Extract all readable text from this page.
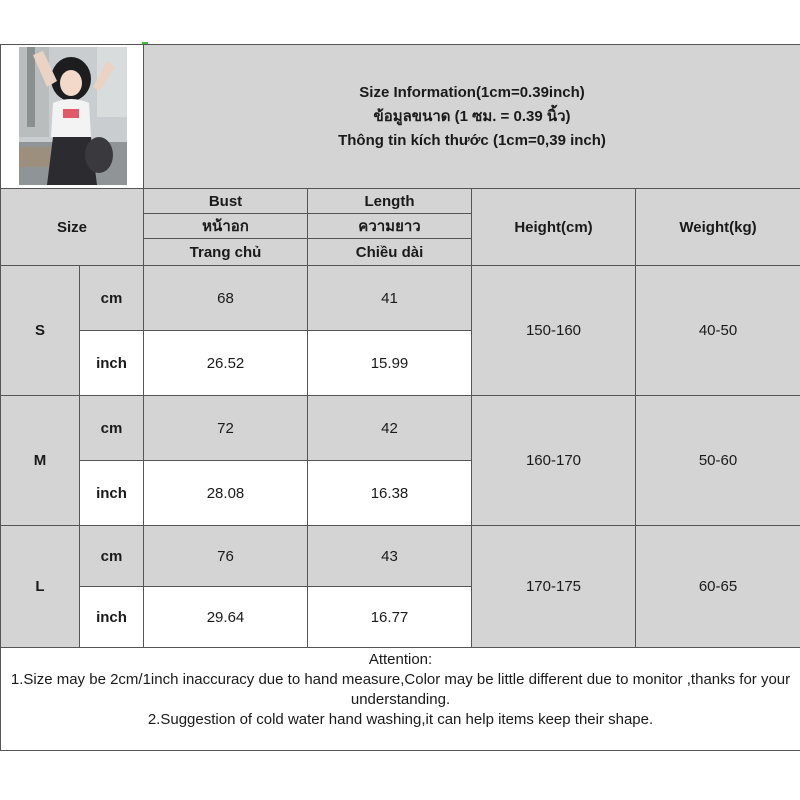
Size Information(1cm=0.39inch)
ข้อมูลขนาด (1 ซม. = 0.39 นิ้ว)
Thông tin kích thước (1cm=0,39 inch)			

Size		Bust	Length	Height(cm)	Weight(kg)
		หน้าอก	ความยาว		
		Trang chủ	Chiều dài		
S	cm	68	41	150-160	40-50
	inch	26.52	15.99		
M	cm	72	42	160-170	50-60
	inch	28.08	16.38		
L	cm	76	43	170-175	60-65
	inch	29.64	16.77		

Attention:
1.Size may be 2cm/1inch inaccuracy due to hand measure,Color may be little different due to monitor ,thanks for your understanding.
2.Suggestion of cold water hand washing,it can help items keep their shape.					
